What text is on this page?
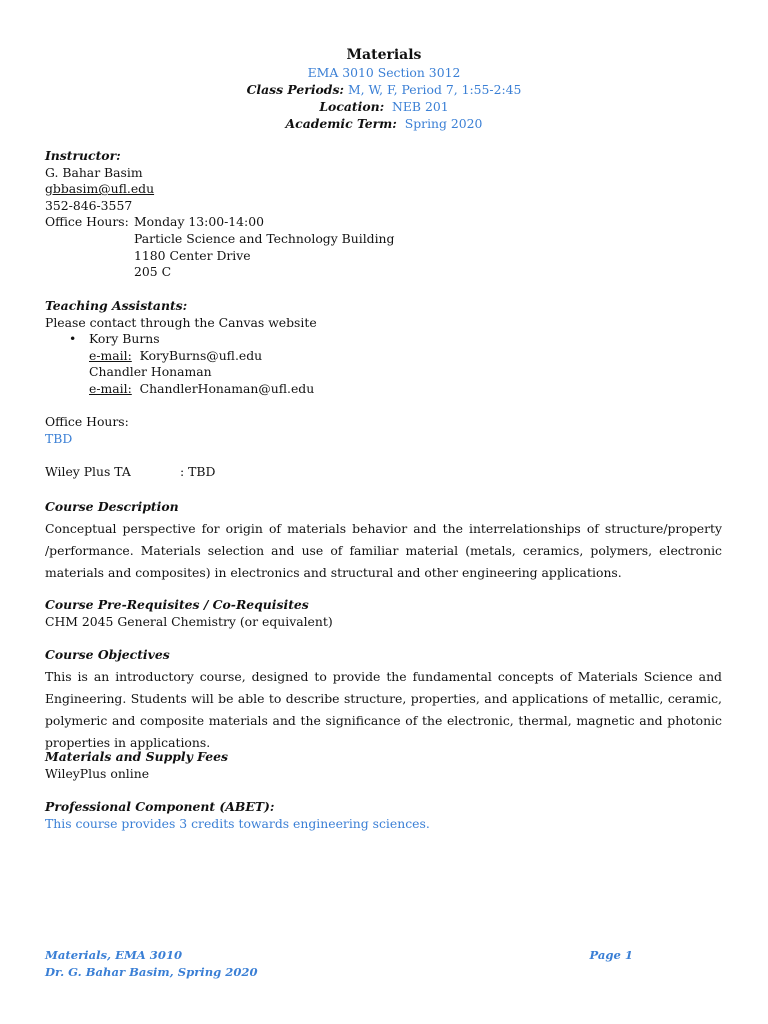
Materials
EMA 3010 Section 3012
Class Periods: M, W, F, Period 7, 1:55-2:45
Location:  NEB 201
Academic Term:  Spring 2020
Instructor:
G. Bahar Basim
gbbasim@ufl.edu
352-846-3557
Office Hours: Monday 13:00-14:00
Particle Science and Technology Building
1180 Center Drive
205 C
Teaching Assistants:
Please contact through the Canvas website
• Kory Burns
e-mail: KoryBurns@ufl.edu
Chandler Honaman
e-mail: ChandlerHonaman@ufl.edu
Office Hours:
TBD
Wiley Plus TA	: TBD
Course Description
Conceptual perspective for origin of materials behavior and the interrelationships of structure/property /performance. Materials selection and use of familiar material (metals, ceramics, polymers, electronic materials and composites) in electronics and structural and other engineering applications.
Course Pre-Requisites / Co-Requisites
CHM 2045 General Chemistry (or equivalent)
Course Objectives
This is an introductory course, designed to provide the fundamental concepts of Materials Science and Engineering. Students will be able to describe structure, properties, and applications of metallic, ceramic, polymeric and composite materials and the significance of the electronic, thermal, magnetic and photonic properties in applications.
Materials and Supply Fees
WileyPlus online
Professional Component (ABET):
This course provides 3 credits towards engineering sciences.
Materials, EMA 3010
Dr. G. Bahar Basim, Spring 2020
Page 1
